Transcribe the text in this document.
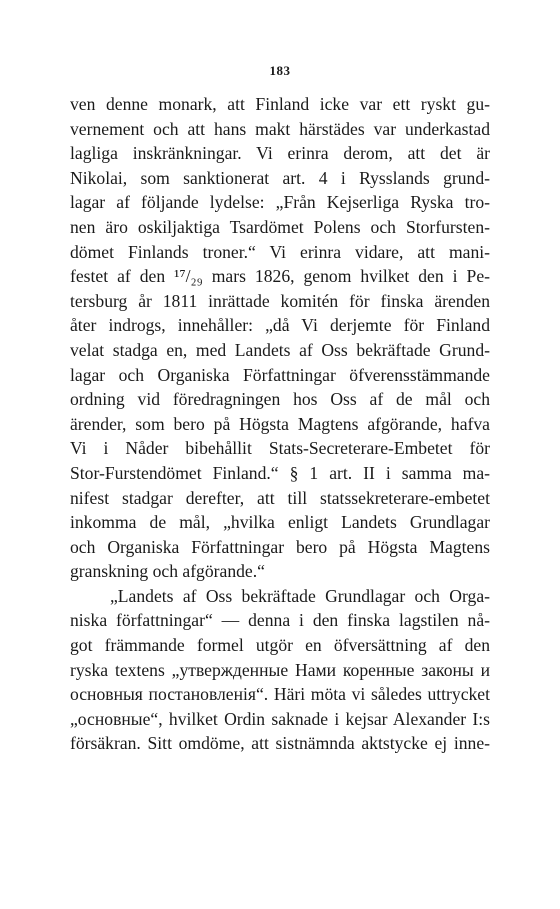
183
ven denne monark, att Finland icke var ett ryskt gu-
vernement och att hans makt härstädes var underkastad
lagliga inskränkningar. Vi erinra derom, att det är
Nikolai, som sanktionerat art. 4 i Rysslands grund-
lagar af följande lydelse: „Från Kejserliga Ryska tro-
nen äro oskiljaktiga Tsardömet Polens och Storfursten-
dömet Finlands troner.“ Vi erinra vidare, att mani-
festet af den ¹⁷/₂₉ mars 1826, genom hvilket den i Pe-
tersburg år 1811 inrättade komitén för finska ärenden
åter indrogs, innehåller: „då Vi derjemte för Finland
velat stadga en, med Landets af Oss bekräftade Grund-
lagar och Organiska Författningar öfverensstämmande
ordning vid föredragningen hos Oss af de mål och
ärender, som bero på Högsta Magtens afgörande, hafva
Vi i Nåder bibehållit Stats-Secreterare-Embetet för
Stor-Furstendömet Finland.“ § 1 art. II i samma ma-
nifest stadgar derefter, att till statssekreterare-embetet
inkomma de mål, „hvilka enligt Landets Grundlagar
och Organiska Författningar bero på Högsta Magtens
granskning och afgörande.“
„Landets af Oss bekräftade Grundlagar och Orga-
niska författningar“ — denna i den finska lagstilen nå-
got främmande formel utgör en öfversättning af den
ryska textens „утвержденные Нами коренные законы и
основныя постановленія“. Häri möta vi således uttrycket
„основные“, hvilket Ordin saknade i kejsar Alexander I:s
försäkran. Sitt omdöme, att sistnämnda aktstycke ej inne-
